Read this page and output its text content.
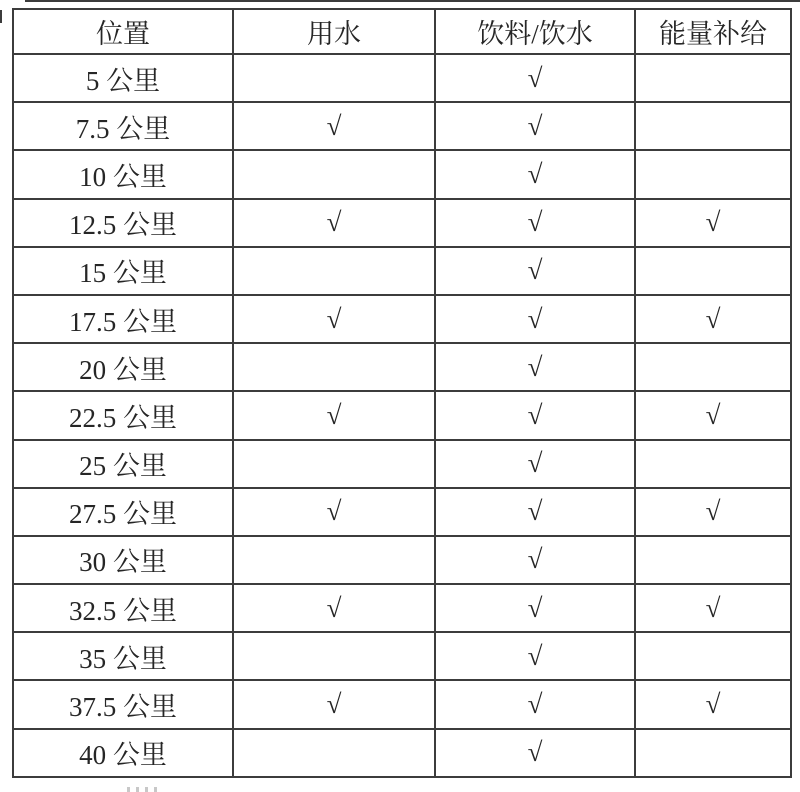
位置	用水	饮料/饮水	能量补给
5 公里		√	
7.5 公里	√	√	
10 公里		√	
12.5 公里	√	√	√
15 公里		√	
17.5 公里	√	√	√
20 公里		√	
22.5 公里	√	√	√
25 公里		√	
27.5 公里	√	√	√
30 公里		√	
32.5 公里	√	√	√
35 公里		√	
37.5 公里	√	√	√
40 公里		√	
